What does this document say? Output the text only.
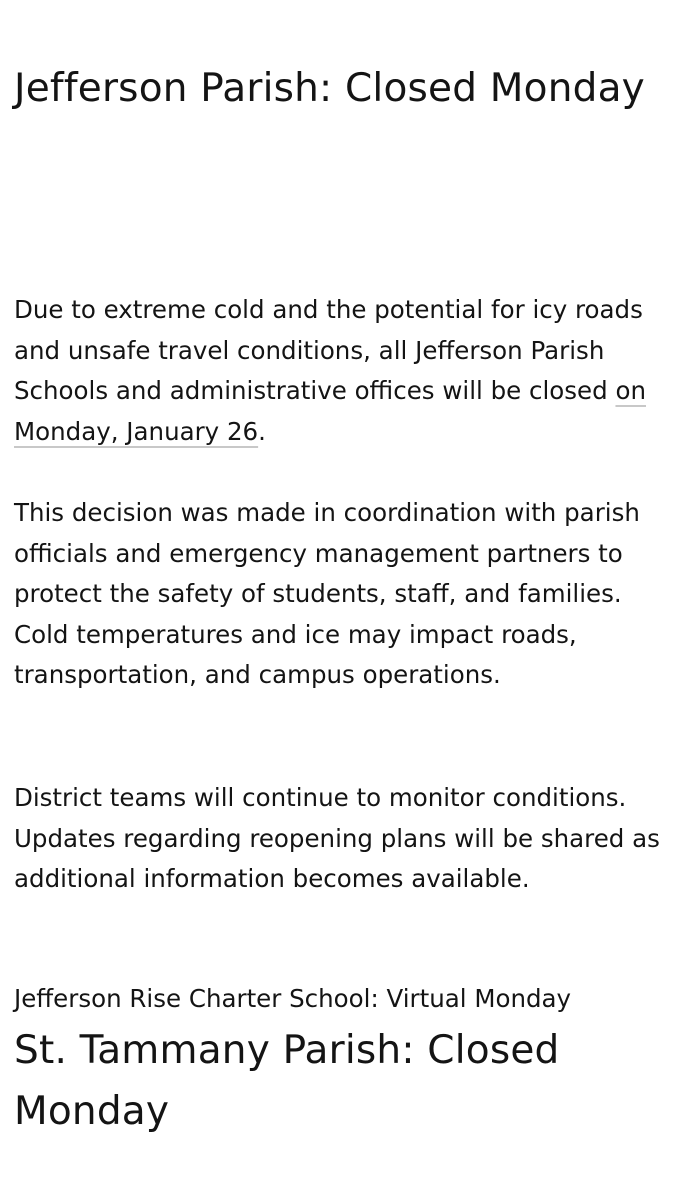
Jefferson Parish: Closed Monday

Due to extreme cold and the potential for icy roads and unsafe travel conditions, all Jefferson Parish Schools and administrative offices will be closed on Monday, January 26.

This decision was made in coordination with parish officials and emergency management partners to protect the safety of students, staff, and families. Cold temperatures and ice may impact roads, transportation, and campus operations.

District teams will continue to monitor conditions. Updates regarding reopening plans will be shared as additional information becomes available.

Jefferson Rise Charter School: Virtual Monday
St. Tammany Parish: Closed Monday
